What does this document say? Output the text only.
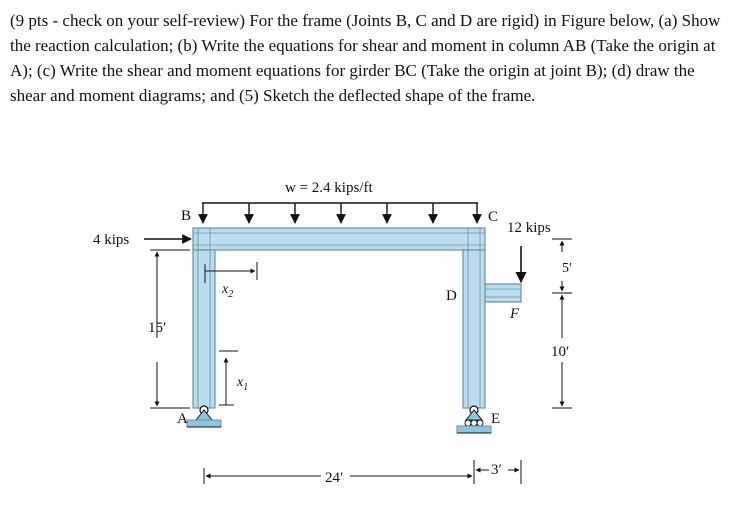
(9 pts - check on your self-review) For the frame (Joints B, C and D are rigid) in Figure below, (a) Show the reaction calculation; (b) Write the equations for shear and moment in column AB (Take the origin at A); (c) Write the shear and moment equations for girder BC (Take the origin at joint B); (d) draw the shear and moment diagrams; and (5) Sketch the deflected shape of the frame.
4 kips
12 kips
w = 2.4 kips/ft
B	C
D
A	E
F
$x_2$
$x_1$
15′
24′	3′
5′
10′
